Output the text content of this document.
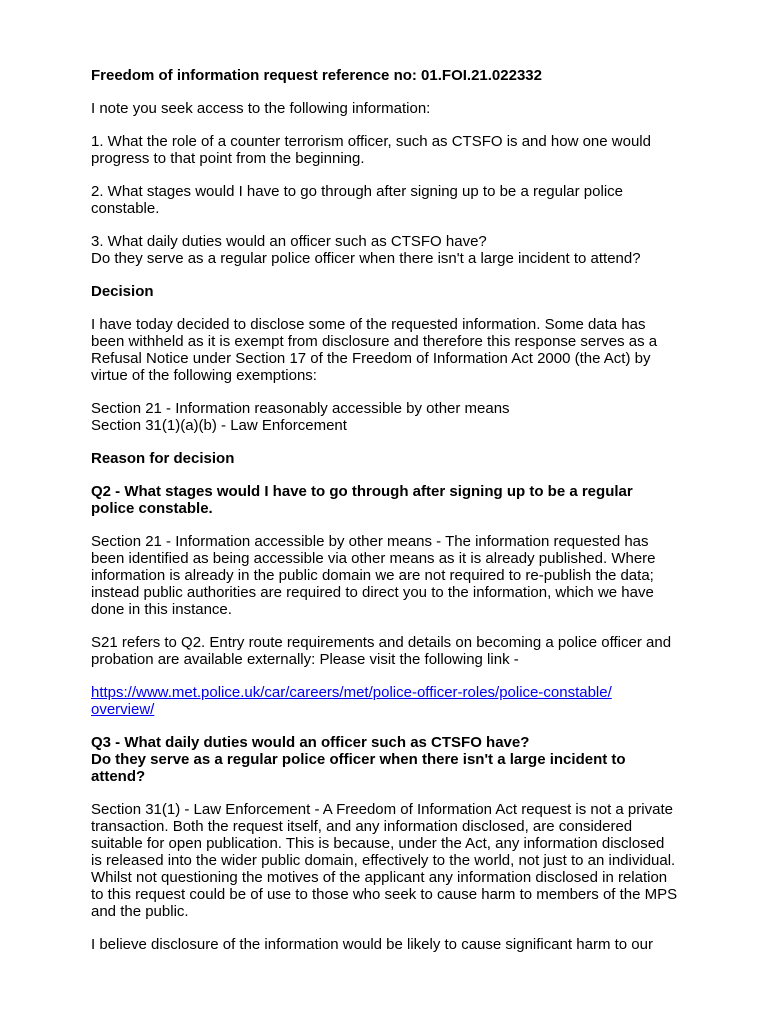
Freedom of information request reference no: 01.FOI.21.022332

I note you seek access to the following information:

1. What the role of a counter terrorism officer, such as CTSFO is and how one would progress to that point from the beginning.

2. What stages would I have to go through after signing up to be a regular police constable.

3. What daily duties would an officer such as CTSFO have?
Do they serve as a regular police officer when there isn't a large incident to attend?

Decision

I have today decided to disclose some of the requested information. Some data has been withheld as it is exempt from disclosure and therefore this response serves as a Refusal Notice under Section 17 of the Freedom of Information Act 2000 (the Act) by virtue of the following exemptions:

Section 21 - Information reasonably accessible by other means
Section 31(1)(a)(b) - Law Enforcement

Reason for decision

Q2 - What stages would I have to go through after signing up to be a regular police constable.

Section 21 - Information accessible by other means - The information requested has been identified as being accessible via other means as it is already published. Where information is already in the public domain we are not required to re-publish the data; instead public authorities are required to direct you to the information, which we have done in this instance.

S21 refers to Q2. Entry route requirements and details on becoming a police officer and probation are available externally: Please visit the following link -

https://www.met.police.uk/car/careers/met/police-officer-roles/police-constable/
overview/

Q3 - What daily duties would an officer such as CTSFO have?
Do they serve as a regular police officer when there isn't a large incident to attend?

Section 31(1) - Law Enforcement - A Freedom of Information Act request is not a private transaction. Both the request itself, and any information disclosed, are considered suitable for open publication. This is because, under the Act, any information disclosed is released into the wider public domain, effectively to the world, not just to an individual. Whilst not questioning the motives of the applicant any information disclosed in relation to this request could be of use to those who seek to cause harm to members of the MPS and the public.

I believe disclosure of the information would be likely to cause significant harm to our
